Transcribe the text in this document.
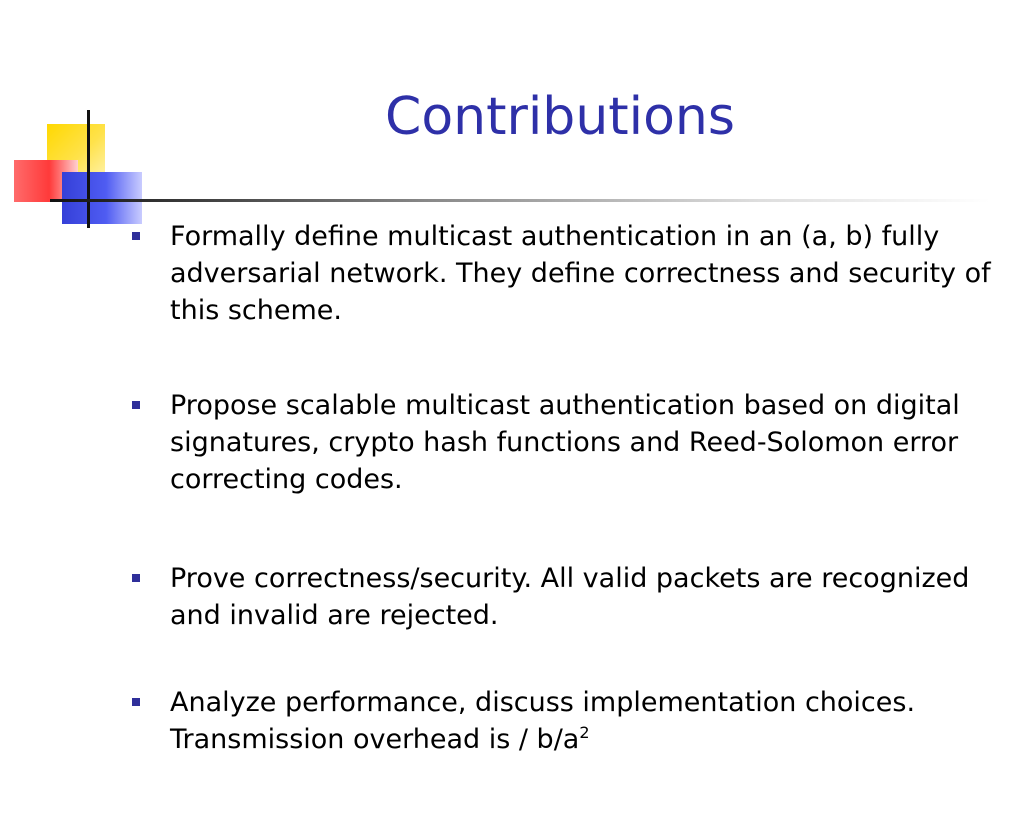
Contributions
Formally define multicast authentication in an (a, b) fully adversarial network. They define correctness and security of this scheme.
Propose scalable multicast authentication based on digital signatures, crypto hash functions and Reed-Solomon error correcting codes.
Prove correctness/security. All valid packets are recognized and invalid are rejected.
Analyze performance, discuss implementation choices. Transmission overhead is / $b/a^2$
